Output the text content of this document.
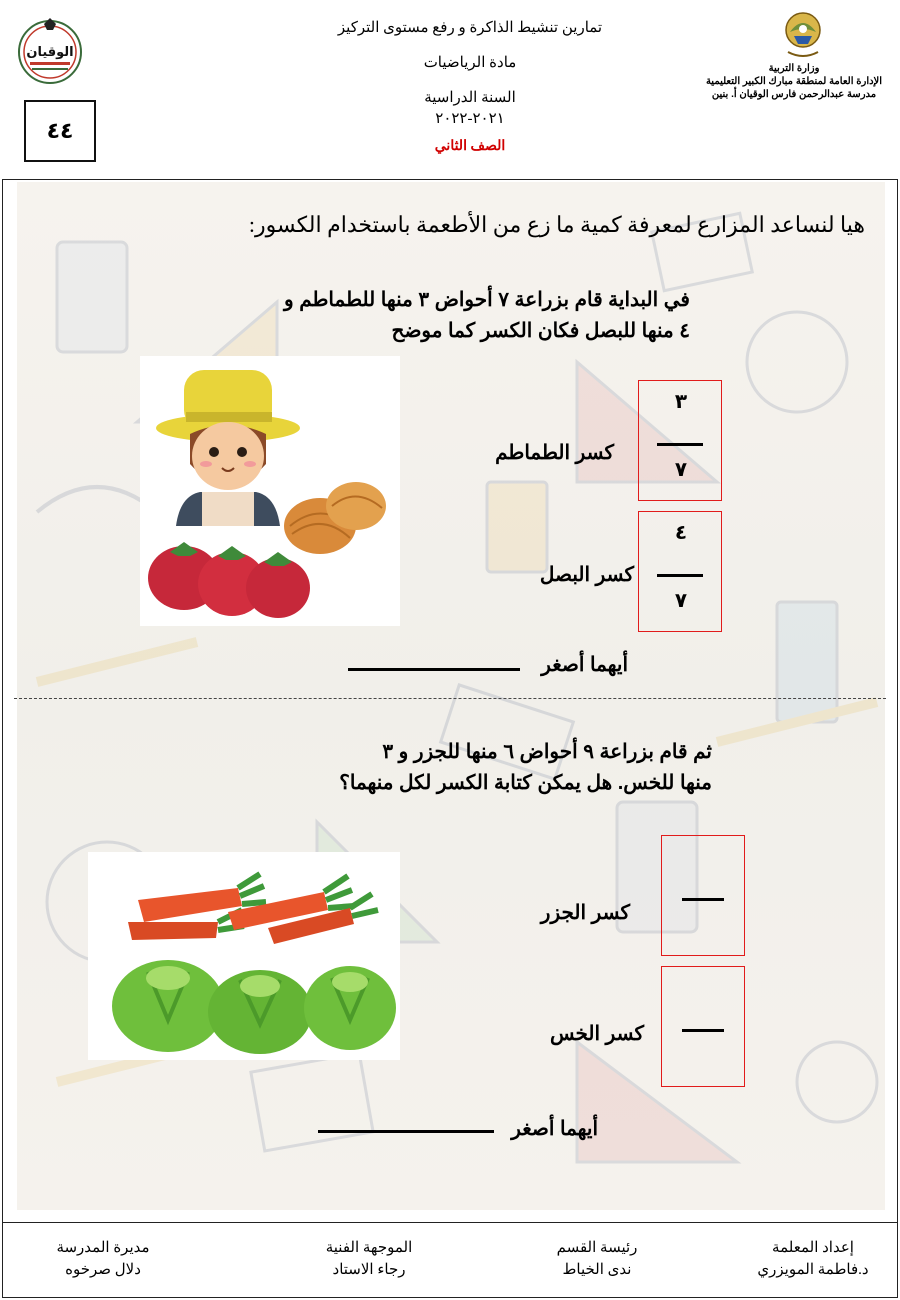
الوقيان
٤٤
تمارين تنشيط الذاكرة و رفع مستوى التركيز
مادة الرياضيات
السنة الدراسية
٢٠٢١-٢٠٢٢
الصف الثاني
وزارة التربية
الإدارة العامة لمنطقة مبارك الكبير التعليمية
مدرسة عبدالرحمن فارس الوقيان أ. بنين
هيا لنساعد المزارع لمعرفة كمية ما زع من الأطعمة باستخدام الكسور:
في البداية قام بزراعة ٧ أحواض ٣ منها للطماطم و
٤ منها للبصل فكان الكسر كما موضح
٣
٧
كسر الطماطم
٤
٧
كسر البصل
أيهما أصغر
ثم قام بزراعة ٩ أحواض ٦ منها للجزر و ٣
منها للخس. هل يمكن كتابة الكسر لكل منهما؟
كسر الجزر
كسر الخس
أيهما أصغر
إعداد المعلمة
د.فاطمة المويزري
رئيسة القسم
ندى الخياط
الموجهة الفنية
رجاء الاستاد
مديرة المدرسة
دلال صرخوه
